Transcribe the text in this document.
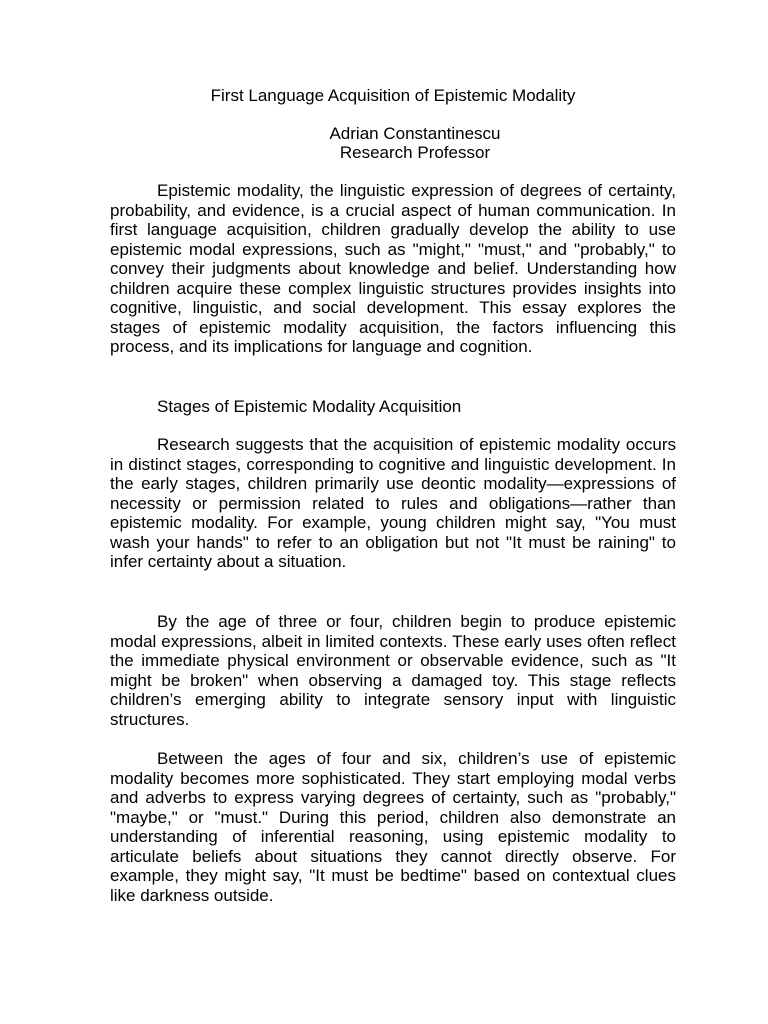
First Language Acquisition of Epistemic Modality

Adrian Constantinescu

Research Professor

Epistemic modality, the linguistic expression of degrees of certainty, probability, and evidence, is a crucial aspect of human communication. In first language acquisition, children gradually develop the ability to use epistemic modal expressions, such as "might," "must," and "probably," to convey their judgments about knowledge and belief. Understanding how children acquire these complex linguistic structures provides insights into cognitive, linguistic, and social development. This essay explores the stages of epistemic modality acquisition, the factors influencing this process, and its implications for language and cognition.

Stages of Epistemic Modality Acquisition

Research suggests that the acquisition of epistemic modality occurs in distinct stages, corresponding to cognitive and linguistic development. In the early stages, children primarily use deontic modality—expressions of necessity or permission related to rules and obligations—rather than epistemic modality. For example, young children might say, "You must wash your hands" to refer to an obligation but not "It must be raining" to infer certainty about a situation.

By the age of three or four, children begin to produce epistemic modal expressions, albeit in limited contexts. These early uses often reflect the immediate physical environment or observable evidence, such as "It might be broken" when observing a damaged toy. This stage reflects children’s emerging ability to integrate sensory input with linguistic structures.

Between the ages of four and six, children’s use of epistemic modality becomes more sophisticated. They start employing modal verbs and adverbs to express varying degrees of certainty, such as "probably," "maybe," or "must." During this period, children also demonstrate an understanding of inferential reasoning, using epistemic modality to articulate beliefs about situations they cannot directly observe. For example, they might say, "It must be bedtime" based on contextual clues like darkness outside.
